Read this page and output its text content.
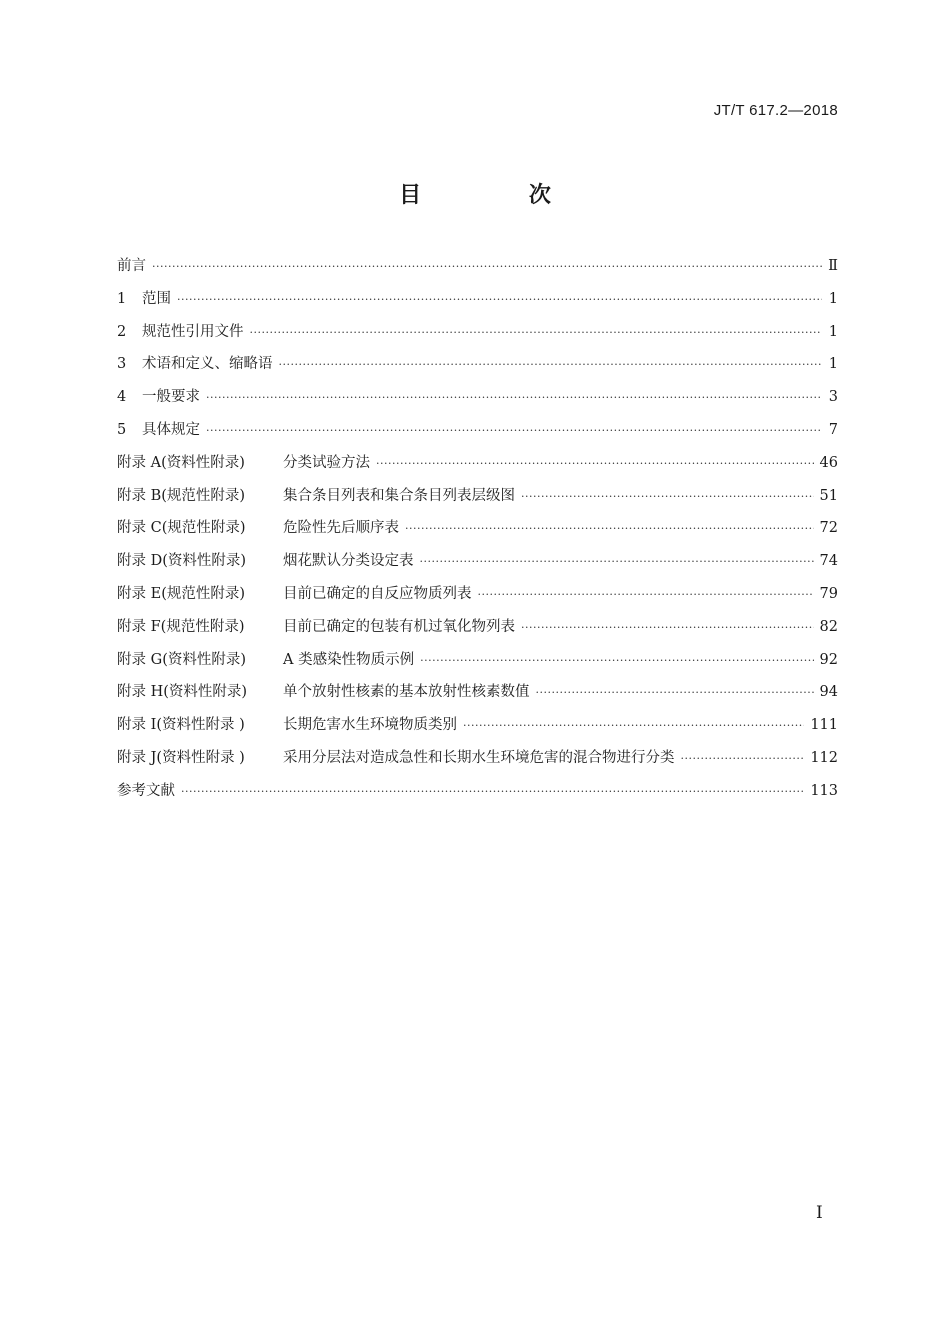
JT/T 617.2—2018
目 次
前言 ·····	Ⅱ
1	范围 ·····	1
2	规范性引用文件 ·····	1
3	术语和定义、缩略语 ·····	1
4	一般要求 ·····	3
5	具体规定 ·····	7
附录 A(资料性附录)	分类试验方法 ·····	46
附录 B(规范性附录)	集合条目列表和集合条目列表层级图 ·····	51
附录 C(规范性附录)	危险性先后顺序表 ·····	72
附录 D(资料性附录)	烟花默认分类设定表 ·····	74
附录 E(规范性附录)	目前已确定的自反应物质列表 ·····	79
附录 F(规范性附录)	目前已确定的包装有机过氧化物列表 ·····	82
附录 G(资料性附录)	A 类感染性物质示例 ·····	92
附录 H(资料性附录)	单个放射性核素的基本放射性核素数值 ·····	94
附录 I(资料性附录 )	长期危害水生环境物质类别 ·····	111
附录 J(资料性附录 )	采用分层法对造成急性和长期水生环境危害的混合物进行分类 ·····	112
参考文献 ·····	113
Ⅰ
